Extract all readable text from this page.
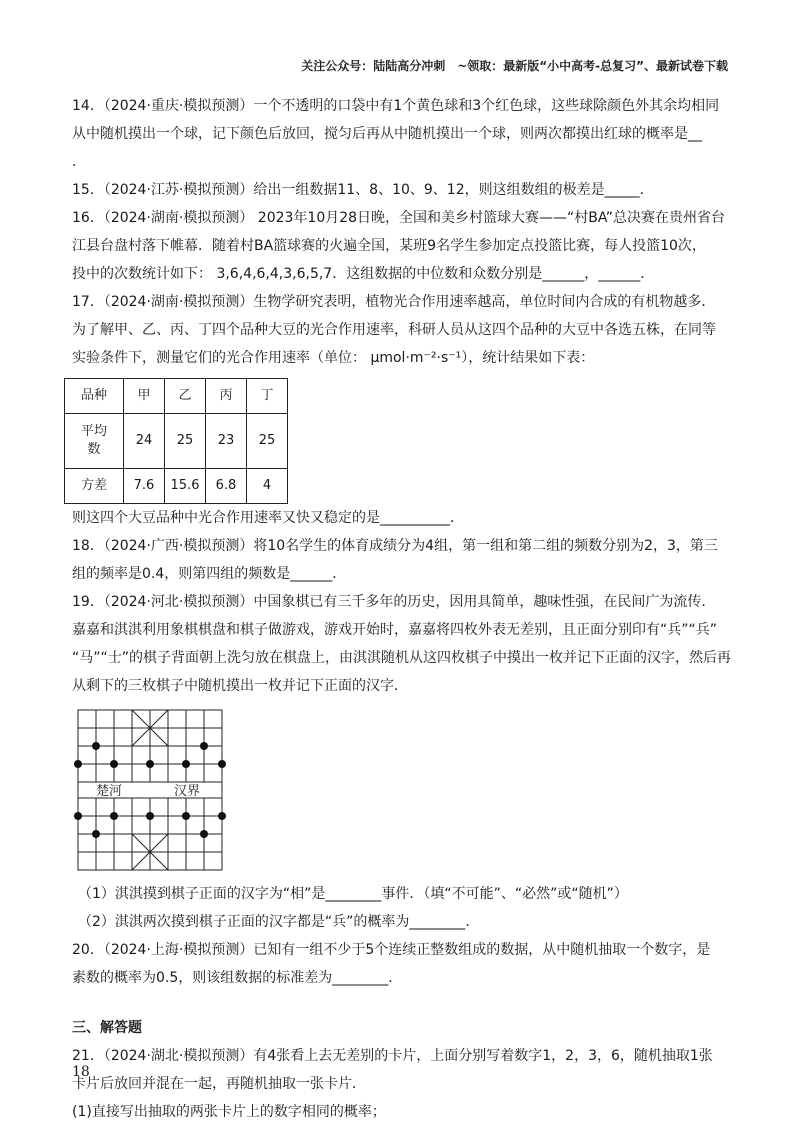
关注公众号：陆陆高分冲刺　~领取：最新版“小中高考-总复习”、最新试卷下载

14．（2024·重庆·模拟预测）一个不透明的口袋中有1个黄色球和3个红色球，这些球除颜色外其余均相同

从中随机摸出一个球，记下颜色后放回，搅匀后再从中随机摸出一个球，则两次都摸出红球的概率是__

．

15．（2024·江苏·模拟预测）给出一组数据11、8、10、9、12，则这组数组的极差是_____．

16．（2024·湖南·模拟预测） 2023年10月28日晚，全国和美乡村篮球大赛——“村BA”总决赛在贵州省台

江县台盘村落下帷幕．随着村BA篮球赛的火遍全国，某班9名学生参加定点投篮比赛，每人投篮10次，

投中的次数统计如下： 3,6,4,6,4,3,6,5,7．这组数据的中位数和众数分别是______，______．

17．（2024·湖南·模拟预测）生物学研究表明，植物光合作用速率越高，单位时间内合成的有机物越多．

为了解甲、乙、丙、丁四个品种大豆的光合作用速率，科研人员从这四个品种的大豆中各选五株，在同等

实验条件下，测量它们的光合作用速率（单位： μmol·m⁻²·s⁻¹），统计结果如下表：

品种	甲	乙	丙	丁
平均
数	24	25	23	25
方差	7.6	15.6	6.8	4

则这四个大豆品种中光合作用速率又快又稳定的是__________．

18．（2024·广西·模拟预测）将10名学生的体育成绩分为4组，第一组和第二组的频数分别为2，3，第三

组的频率是0.4，则第四组的频数是______．

19．（2024·河北·模拟预测）中国象棋已有三千多年的历史，因用具简单，趣味性强，在民间广为流传．

嘉嘉和淇淇利用象棋棋盘和棋子做游戏，游戏开始时，嘉嘉将四枚外表无差别，且正面分别印有“兵”“兵”

“马”“士”的棋子背面朝上洗匀放在棋盘上，由淇淇随机从这四枚棋子中摸出一枚并记下正面的汉字，然后再

从剩下的三枚棋子中随机摸出一枚并记下正面的汉字．

楚河	汉界

（1）淇淇摸到棋子正面的汉字为“相”是________事件．（填“不可能”、“必然”或“随机”）

（2）淇淇两次摸到棋子正面的汉字都是“兵”的概率为________．

20．（2024·上海·模拟预测）已知有一组不少于5个连续正整数组成的数据，从中随机抽取一个数字，是

素数的概率为0.5，则该组数据的标准差为________．

三、解答题

21．（2024·湖北·模拟预测）有4张看上去无差别的卡片，上面分别写着数字1，2，3，6，随机抽取1张

卡片后放回并混在一起，再随机抽取一张卡片．

(1)直接写出抽取的两张卡片上的数字相同的概率；

18
